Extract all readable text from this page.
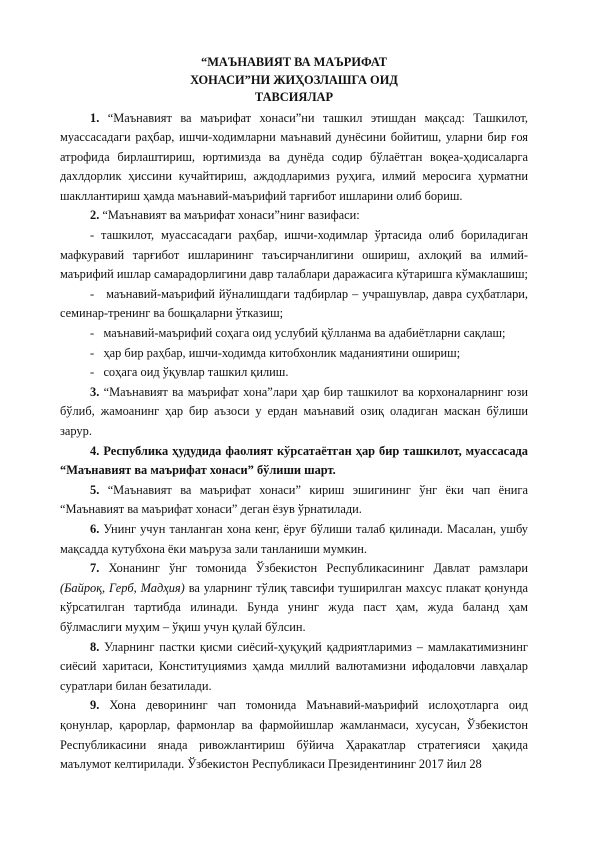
“МАЪНАВИЯТ ВА МАЪРИФАТ
ХОНАСИ”НИ ЖИҲОЗЛАШГА ОИД
ТАВСИЯЛАР

1. “Маънавият ва маърифат хонаси”ни ташкил этишдан мақсад: Ташкилот, муассасадаги раҳбар, ишчи-ходимларни маънавий дунёсини бойитиш, уларни бир ғоя атрофида бирлаштириш, юртимизда ва дунёда содир бўлаётган воқеа-ҳодисаларга дахлдорлик ҳиссини кучайтириш, аждодларимиз руҳига, илмий меросига ҳурматни шакллантириш ҳамда маънавий-маърифий тарғибот ишларини олиб бориш.

2. “Маънавият ва маърифат хонаси”нинг вазифаси:

- ташкилот, муассасадаги раҳбар, ишчи-ходимлар ўртасида олиб бориладиган мафкуравий тарғибот ишларининг таъсирчанлигини ошириш, ахлоқий ва илмий-маърифий ишлар самарадорлигини давр талаблари даражасига кўтаришга кўмаклашиш;

- маънавий-маърифий йўналишдаги тадбирлар – учрашувлар, давра суҳбатлари, семинар-тренинг ва бошқаларни ўтказиш;

- маънавий-маърифий соҳага оид услубий қўлланма ва адабиётларни сақлаш;

- ҳар бир раҳбар, ишчи-ходимда китобхонлик маданиятини ошириш;

- соҳага оид ўқувлар ташкил қилиш.

3. “Маънавият ва маърифат хона”лари ҳар бир ташкилот ва корхоналарнинг юзи бўлиб, жамоанинг ҳар бир аъзоси у ердан маънавий озиқ оладиган маскан бўлиши зарур.

4. Республика ҳудудида фаолият кўрсатаётган ҳар бир ташкилот, муассасада “Маънавият ва маърифат хонаси” бўлиши шарт.

5. “Маънавият ва маърифат хонаси” кириш эшигининг ўнг ёки чап ёнига “Маънавият ва маърифат хонаси” деган ёзув ўрнатилади.

6. Унинг учун танланган хона кенг, ёруғ бўлиши талаб қилинади. Масалан, ушбу мақсадда кутубхона ёки маъруза зали танланиши мумкин.

7. Хонанинг ўнг томонида Ўзбекистон Республикасининг Давлат рамзлари (Байроқ, Герб, Мадҳия) ва уларнинг тўлиқ тавсифи туширилган махсус плакат қонунда кўрсатилган тартибда илинади. Бунда унинг жуда паст ҳам, жуда баланд ҳам бўлмаслиги муҳим – ўқиш учун қулай бўлсин.

8. Уларнинг пастки қисми сиёсий-ҳуқуқий қадриятларимиз – мамлакатимизнинг сиёсий харитаси, Конституциямиз ҳамда миллий валютамизни ифодаловчи лавҳалар суратлари билан безатилади.

9. Хона деворининг чап томонида Маънавий-маърифий ислоҳотларга оид қонунлар, қарорлар, фармонлар ва фармойишлар жамланмаси, хусусан, Ўзбекистон Республикасини янада ривожлантириш бўйича Ҳаракатлар стратегияси ҳақида маълумот келтирилади. Ўзбекистон Республикаси Президентининг 2017 йил 28
